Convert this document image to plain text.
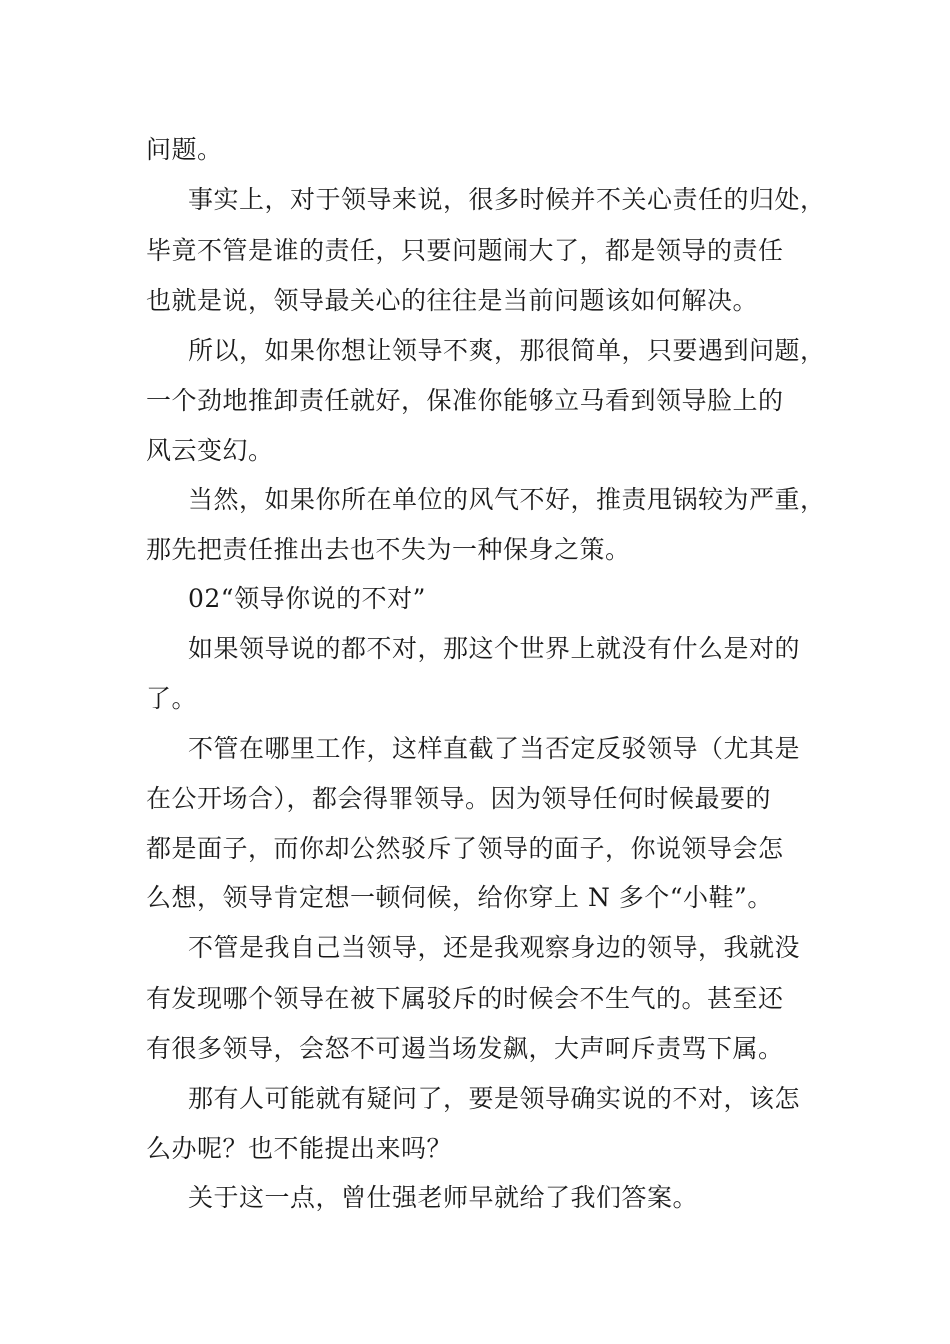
问题。
事实上，对于领导来说，很多时候并不关心责任的归处，
毕竟不管是谁的责任，只要问题闹大了，都是领导的责任
也就是说，领导最关心的往往是当前问题该如何解决。
所以，如果你想让领导不爽，那很简单，只要遇到问题，
一个劲地推卸责任就好，保准你能够立马看到领导脸上的
风云变幻。
当然，如果你所在单位的风气不好，推责甩锅较为严重，
那先把责任推出去也不失为一种保身之策。
02“领导你说的不对”
如果领导说的都不对，那这个世界上就没有什么是对的
了。
不管在哪里工作，这样直截了当否定反驳领导（尤其是
在公开场合），都会得罪领导。因为领导任何时候最要的
都是面子，而你却公然驳斥了领导的面子，你说领导会怎
么想，领导肯定想一顿伺候，给你穿上 N 多个“小鞋”。
不管是我自己当领导，还是我观察身边的领导，我就没
有发现哪个领导在被下属驳斥的时候会不生气的。甚至还
有很多领导，会怒不可遏当场发飙，大声呵斥责骂下属。
那有人可能就有疑问了，要是领导确实说的不对，该怎
么办呢？也不能提出来吗？
关于这一点，曾仕强老师早就给了我们答案。
